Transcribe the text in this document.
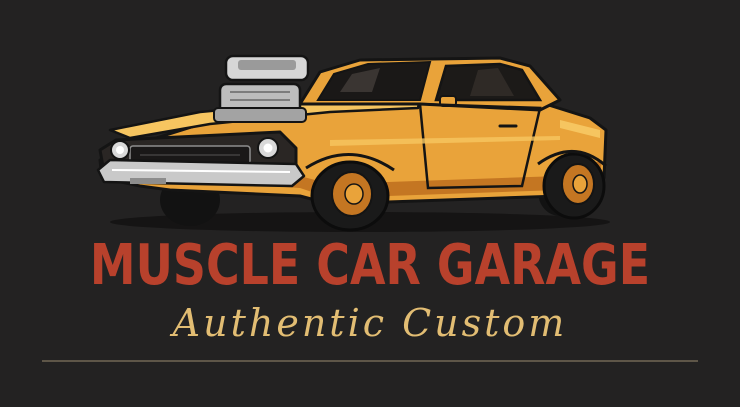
MUSCLE CAR GARAGE
Authentic Custom
